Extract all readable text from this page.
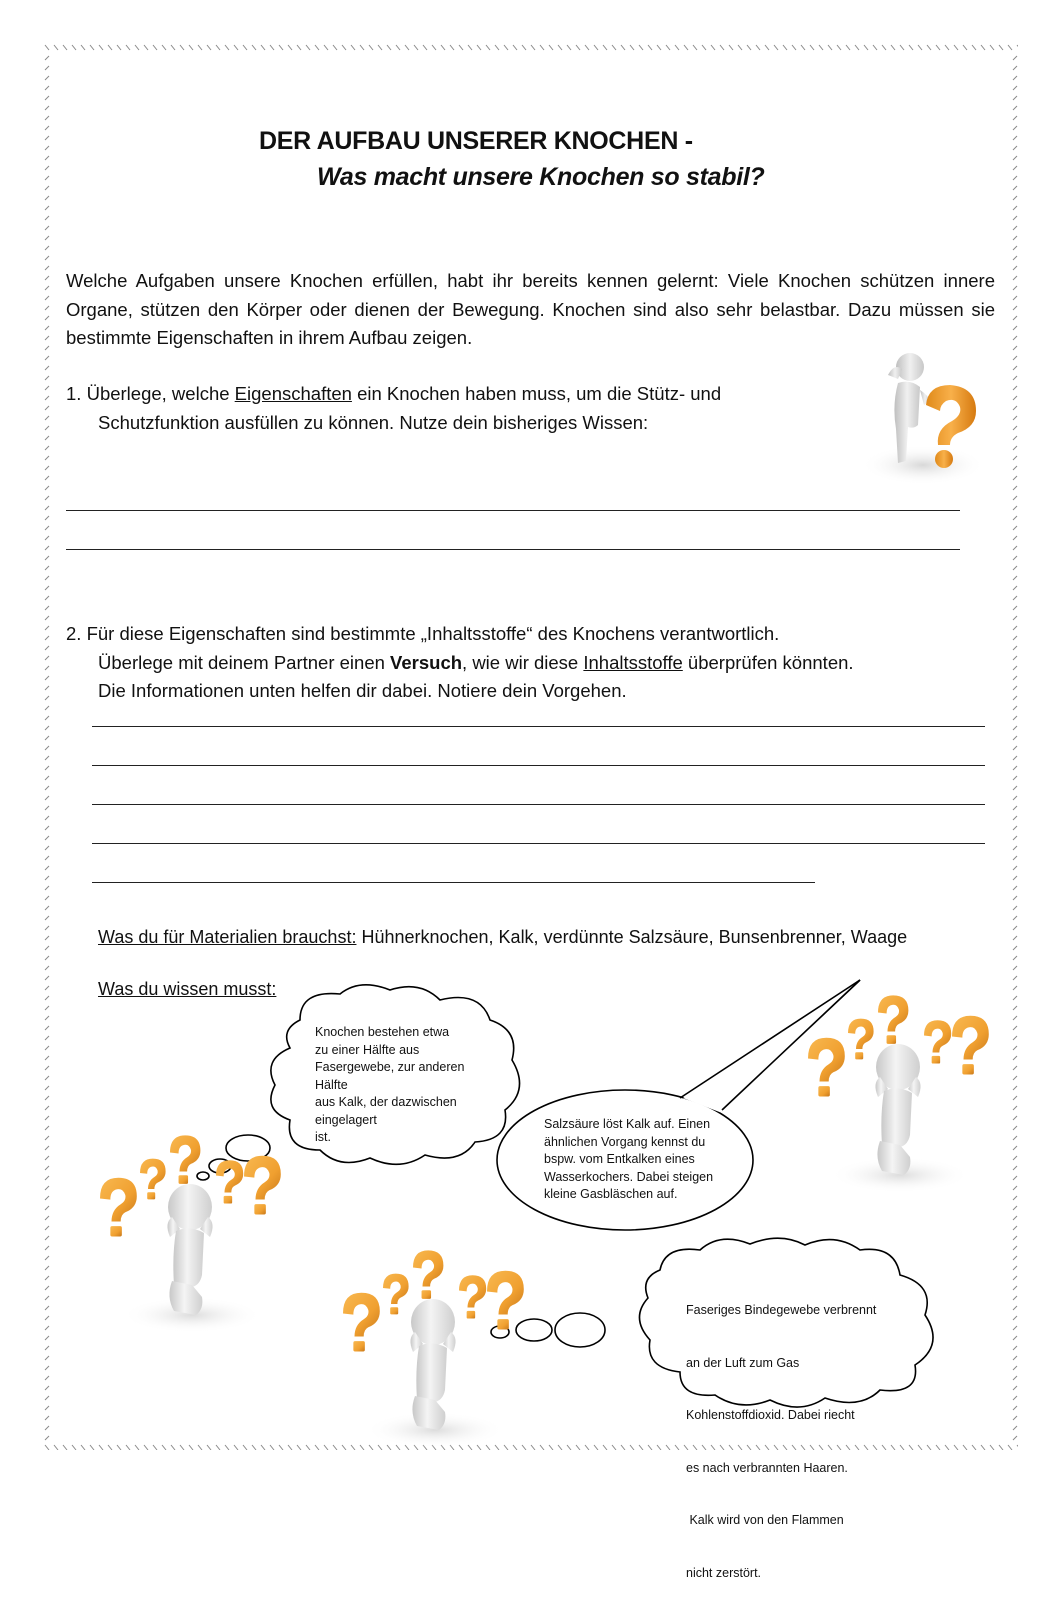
DER AUFBAU UNSERER KNOCHEN -
Was macht unsere Knochen so stabil?
Welche Aufgaben unsere Knochen erfüllen, habt ihr bereits kennen gelernt: Viele Knochen schützen innere Organe, stützen den Körper oder dienen der Bewegung. Knochen sind also sehr belastbar. Dazu müssen sie bestimmte Eigenschaften in ihrem Aufbau zeigen.
1. Überlege, welche Eigenschaften ein Knochen haben muss, um die Stütz- und
Schutzfunktion ausfüllen zu können. Nutze dein bisheriges Wissen:
2. Für diese Eigenschaften sind bestimmte „Inhaltsstoffe“ des Knochens verantwortlich.
Überlege mit deinem Partner einen Versuch, wie wir diese Inhaltsstoffe überprüfen könnten.
Die Informationen unten helfen dir dabei. Notiere dein Vorgehen.
Was du für Materialien brauchst: Hühnerknochen, Kalk, verdünnte Salzsäure, Bunsenbrenner, Waage
Was du wissen musst:
Knochen bestehen etwa
zu einer Hälfte aus
Fasergewebe, zur anderen
Hälfte
aus Kalk, der dazwischen
eingelagert
ist.
Salzsäure löst Kalk auf. Einen
ähnlichen Vorgang kennst du
bspw. vom Entkalken eines
Wasserkochers. Dabei steigen
kleine Gasbläschen auf.

Faseriges Bindegewebe verbrennt

an der Luft zum Gas

Kohlenstoffdioxid. Dabei riecht

es nach verbrannten Haaren.

Kalk wird von den Flammen

nicht zerstört.
